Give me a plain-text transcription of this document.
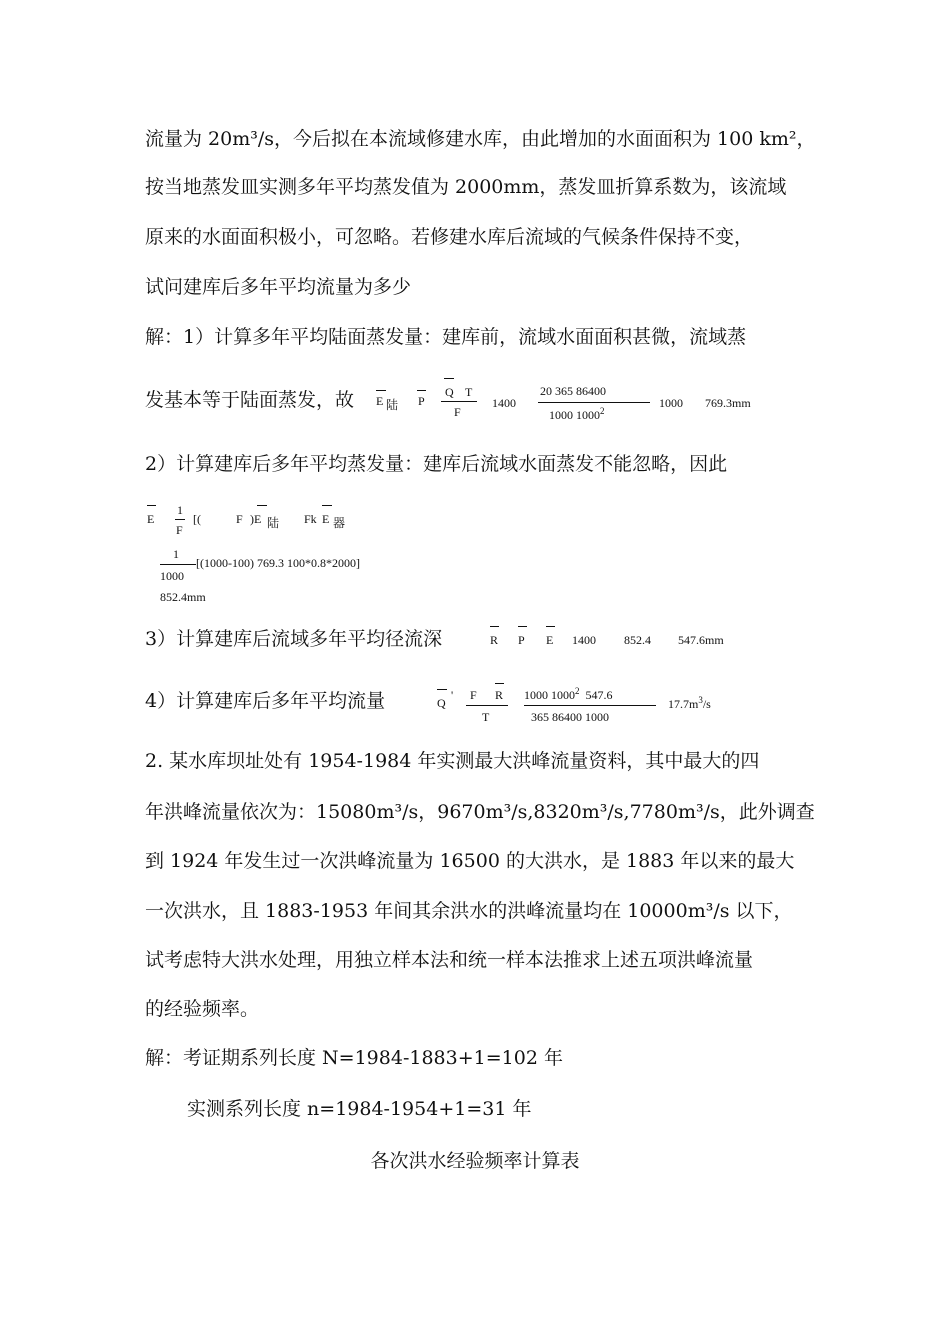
流量为 20m³/s，今后拟在本流域修建水库，由此增加的水面面积为 100 km²，
按当地蒸发皿实测多年平均蒸发值为 2000mm，蒸发皿折算系数为，该流域
原来的水面面积极小，可忽略。若修建水库后流域的气候条件保持不变，
试问建库后多年平均流量为多少
解：1）计算多年平均陆面蒸发量：建库前，流域水面面积甚微，流域蒸
发基本等于陆面蒸发，故 E 陆 P
Q T
F
1400
20 365 86400
1000 1000$^2$
1000 769.3mm
2）计算建库后多年平均蒸发量：建库后流域水面蒸发不能忽略，因此
E
1
F
[(	F )E 陆 Fk E 器
1
1000
[(1000-100) 769.3 100*0.8*2000]
852.4mm
3）计算建库后流域多年平均径流深	R P E 1400 852.4 547.6mm
4）计算建库后多年平均流量	Q
' F R
T
1000 1000$^2$ 547.6
365 86400 1000
$17.7m^3/s$
2. 某水库坝址处有 1954-1984 年实测最大洪峰流量资料，其中最大的四
年洪峰流量依次为：15080m³/s，9670m³/s,8320m³/s,7780m³/s，此外调查
到 1924 年发生过一次洪峰流量为 16500 的大洪水，是 1883 年以来的最大
一次洪水，且 1883-1953 年间其余洪水的洪峰流量均在 10000m³/s 以下，
试考虑特大洪水处理，用独立样本法和统一样本法推求上述五项洪峰流量
的经验频率。
解：考证期系列长度 N=1984-1883+1=102 年
实测系列长度 n=1984-1954+1=31 年
各次洪水经验频率计算表
